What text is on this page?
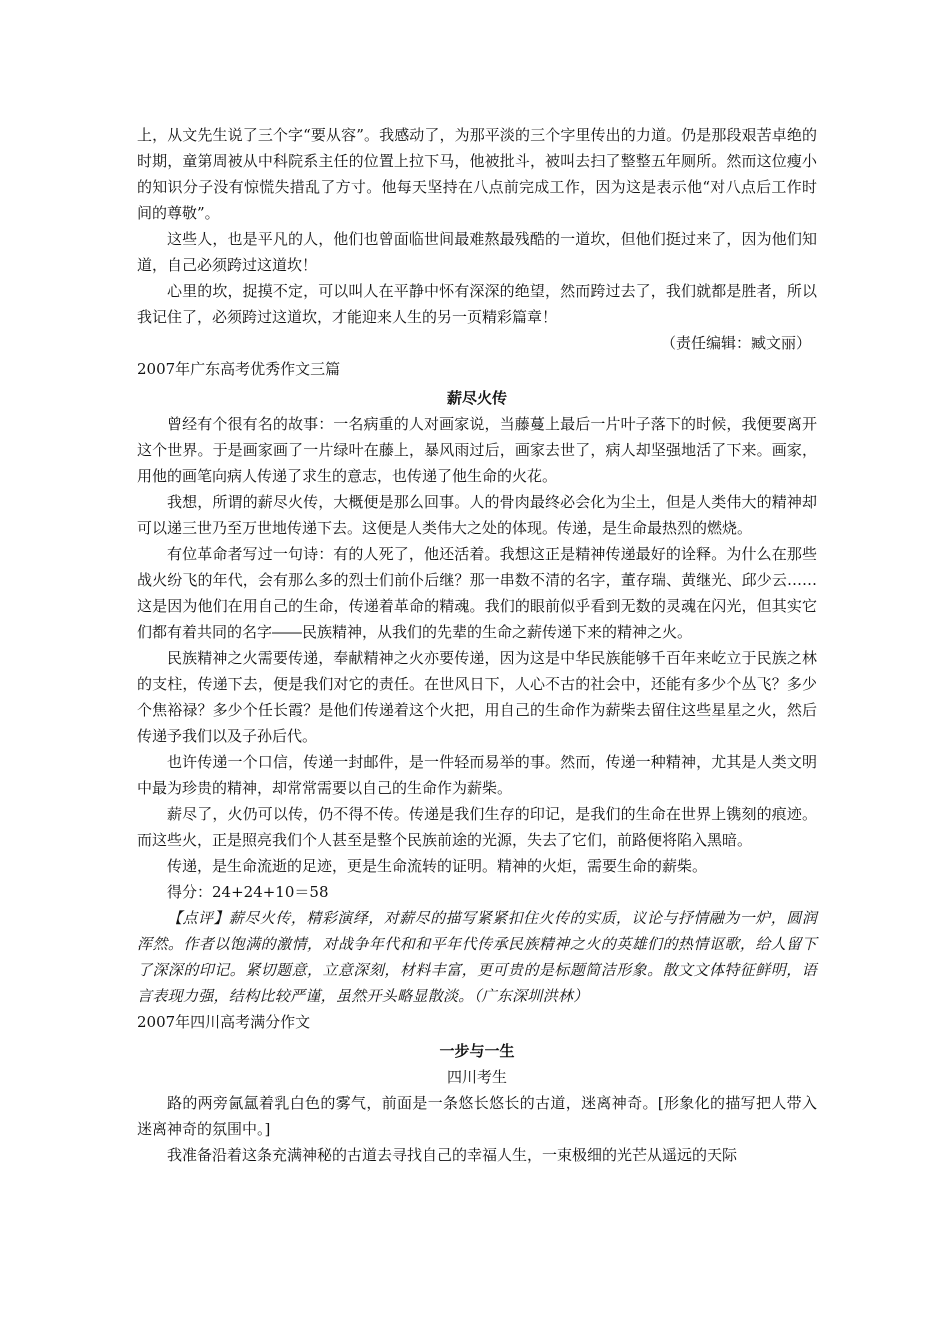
上，从文先生说了三个字“要从容”。我感动了，为那平淡的三个字里传出的力道。仍是那段艰苦卓绝的时期，童第周被从中科院系主任的位置上拉下马，他被批斗，被叫去扫了整整五年厕所。然而这位瘦小的知识分子没有惊慌失措乱了方寸。他每天坚持在八点前完成工作，因为这是表示他“对八点后工作时间的尊敬”。

这些人，也是平凡的人，他们也曾面临世间最难熬最残酷的一道坎，但他们挺过来了，因为他们知道，自己必须跨过这道坎！

心里的坎，捉摸不定，可以叫人在平静中怀有深深的绝望，然而跨过去了，我们就都是胜者，所以我记住了，必须跨过这道坎，才能迎来人生的另一页精彩篇章！

（责任编辑：臧文丽）

2007年广东高考优秀作文三篇

薪尽火传

曾经有个很有名的故事：一名病重的人对画家说，当藤蔓上最后一片叶子落下的时候，我便要离开这个世界。于是画家画了一片绿叶在藤上，暴风雨过后，画家去世了，病人却坚强地活了下来。画家，用他的画笔向病人传递了求生的意志，也传递了他生命的火花。

我想，所谓的薪尽火传，大概便是那么回事。人的骨肉最终必会化为尘土，但是人类伟大的精神却可以递三世乃至万世地传递下去。这便是人类伟大之处的体现。传递，是生命最热烈的燃烧。

有位革命者写过一句诗：有的人死了，他还活着。我想这正是精神传递最好的诠释。为什么在那些战火纷飞的年代，会有那么多的烈士们前仆后继？那一串数不清的名字，董存瑞、黄继光、邱少云……这是因为他们在用自己的生命，传递着革命的精魂。我们的眼前似乎看到无数的灵魂在闪光，但其实它们都有着共同的名字――民族精神，从我们的先辈的生命之薪传递下来的精神之火。

民族精神之火需要传递，奉献精神之火亦要传递，因为这是中华民族能够千百年来屹立于民族之林的支柱，传递下去，便是我们对它的责任。在世风日下，人心不古的社会中，还能有多少个丛飞？多少个焦裕禄？多少个任长霞？是他们传递着这个火把，用自己的生命作为薪柴去留住这些星星之火，然后传递予我们以及子孙后代。

也许传递一个口信，传递一封邮件，是一件轻而易举的事。然而，传递一种精神，尤其是人类文明中最为珍贵的精神，却常常需要以自己的生命作为薪柴。

薪尽了，火仍可以传，仍不得不传。传递是我们生存的印记，是我们的生命在世界上镌刻的痕迹。而这些火，正是照亮我们个人甚至是整个民族前途的光源，失去了它们，前路便将陷入黑暗。

传递，是生命流逝的足迹，更是生命流转的证明。精神的火炬，需要生命的薪柴。

得分：24+24+10＝58

【点评】薪尽火传，精彩演绎，对薪尽的描写紧紧扣住火传的实质，议论与抒情融为一炉，圆润浑然。作者以饱满的激情，对战争年代和和平年代传承民族精神之火的英雄们的热情讴歌，给人留下了深深的印记。紧切题意，立意深刻，材料丰富，更可贵的是标题简洁形象。散文文体特征鲜明，语言表现力强，结构比较严谨，虽然开头略显散淡。（广东深圳洪林）

2007年四川高考满分作文

一步与一生

四川考生

路的两旁氤氲着乳白色的雾气，前面是一条悠长悠长的古道，迷离神奇。[形象化的描写把人带入迷离神奇的氛围中。]

我准备沿着这条充满神秘的古道去寻找自己的幸福人生，一束极细的光芒从遥远的天际
